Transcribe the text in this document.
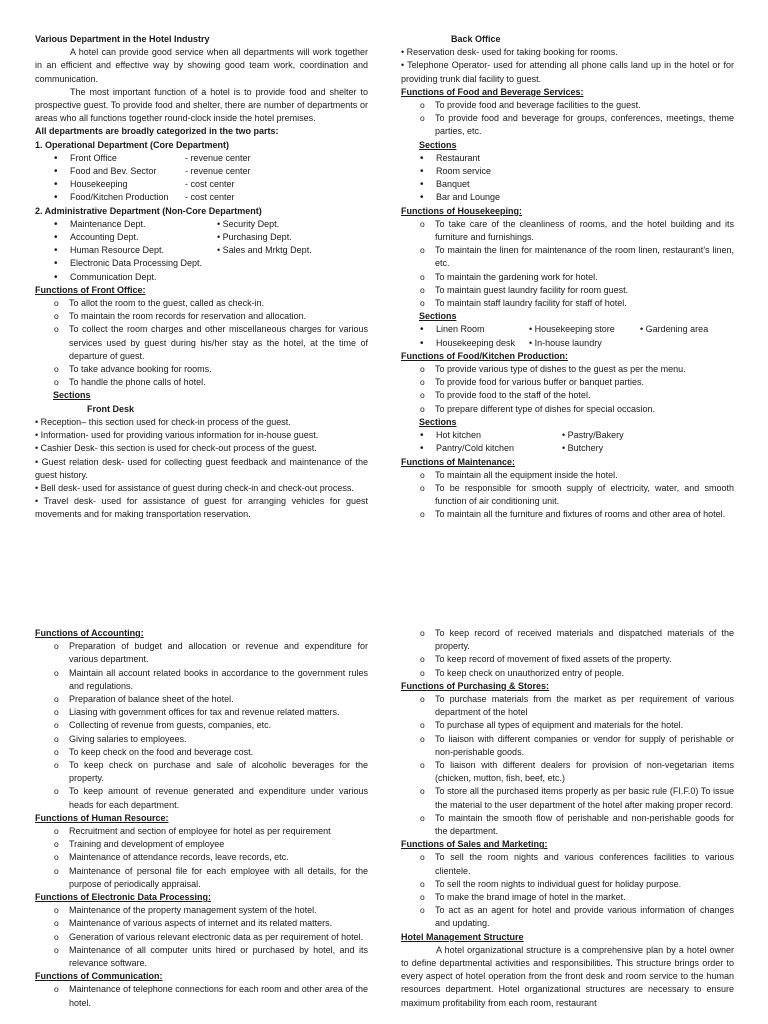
Various Department in the Hotel Industry

A hotel can provide good service when all departments will work together in an efficient and effective way by showing good team work, coordination and communication.

The most important function of a hotel is to provide food and shelter to prospective guest. To provide food and shelter, there are number of departments or areas who all functions together round-clock inside the hotel premises.

All departments are broadly categorized in the two parts:
1. Operational Department (Core Department)
• Front Office	- revenue center
• Food and Bev. Sector	- revenue center
• Housekeeping	- cost center
• Food/Kitchen Production	- cost center
2. Administrative Department (Non-Core Department)
• Maintenance Dept.	• Security Dept.
• Accounting Dept.	• Purchasing Dept.
• Human Resource Dept.	• Sales and Mrktg Dept.
• Electronic Data Processing Dept.
• Communication Dept.
Functions of Front Office:
o To allot the room to the guest, called as check-in.
o To maintain the room records for reservation and allocation.
o To collect the room charges and other miscellaneous charges for various services used by guest during his/her stay as the hotel, at the time of departure of guest.
o To take advance booking for rooms.
o To handle the phone calls of hotel.
Sections
Front Desk

• Reception– this section used for check-in process of the guest.

• Information- used for providing various information for in-house guest.

• Cashier Desk- this section is used for check-out process of the guest.

• Guest relation desk- used for collecting guest feedback and maintenance of the guest history.

• Bell desk- used for assistance of guest during check-in and check-out process.

• Travel desk- used for assistance of guest for arranging vehicles for guest movements and for making transportation reservation.

Back Office

• Reservation desk- used for taking booking for rooms.

• Telephone Operator- used for attending all phone calls land up in the hotel or for providing trunk dial facility to guest.

Functions of Food and Beverage Services:
o To provide food and beverage facilities to the guest.
o To provide food and beverage for groups, conferences, meetings, theme parties, etc.
Sections
• Restaurant
• Room service
• Banquet
• Bar and Lounge
Functions of Housekeeping:
o To take care of the cleanliness of rooms, and the hotel building and its furniture and furnishings.
o To maintain the linen for maintenance of the room linen, restaurant’s linen, etc.
o To maintain the gardening work for hotel.
o To maintain guest laundry facility for room guest.
o To maintain staff laundry facility for staff of hotel.
Sections
• Linen Room	• Housekeeping store	• Gardening area
• Housekeeping desk	• In-house laundry
Functions of Food/Kitchen Production:
o To provide various type of dishes to the guest as per the menu.
o To provide food for various buffer or banquet parties.
o To provide food to the staff of the hotel.
o To prepare different type of dishes for special occasion.
Sections
• Hot kitchen	• Pastry/Bakery
• Pantry/Cold kitchen	• Butchery
Functions of Maintenance:
o To maintain all the equipment inside the hotel.
o To be responsible for smooth supply of electricity, water, and smooth function of air conditioning unit.
o To maintain all the furniture and fixtures of rooms and other area of hotel.
Functions of Accounting:
o Preparation of budget and allocation or revenue and expenditure for various department.
o Maintain all account related books in accordance to the government rules and regulations.
o Preparation of balance sheet of the hotel.
o Liasing with government offices for tax and revenue related matters.
o Collecting of revenue from guests, companies, etc.
o Giving salaries to employees.
o To keep check on the food and beverage cost.
o To keep check on purchase and sale of alcoholic beverages for the property.
o To keep amount of revenue generated and expenditure under various heads for each department.
Functions of Human Resource:
o Recruitment and section of employee for hotel as per requirement
o Training and development of employee
o Maintenance of attendance records, leave records, etc.
o Maintenance of personal file for each employee with all details, for the purpose of periodically appraisal.
Functions of Electronic Data Processing:
o Maintenance of the property management system of the hotel.
o Maintenance of various aspects of internet and its related matters.
o Generation of various relevant electronic data as per requirement of hotel.
o Maintenance of all computer units hired or purchased by hotel, and its relevance software.
Functions of Communication:
o Maintenance of telephone connections for each room and other area of the hotel.
o To keep record of received materials and dispatched materials of the property.
o To keep record of movement of fixed assets of the property.
o To keep check on unauthorized entry of people.
Functions of Purchasing & Stores:
o To purchase materials from the market as per requirement of various department of the hotel
o To purchase all types of equipment and materials for the hotel.
o To liaison with different companies or vendor for supply of perishable or non-perishable goods.
o To liaison with different dealers for provision of non-vegetarian items (chicken, mutton, fish, beef, etc.)
o To store all the purchased items properly as per basic rule (FI.F.0) To issue the material to the user department of the hotel after making proper record.
o To maintain the smooth flow of perishable and non-perishable goods for the department.
Functions of Sales and Marketing:
o To sell the room nights and various conferences facilities to various clientele.
o To sell the room nights to individual guest for holiday purpose.
o To make the brand image of hotel in the market.
o To act as an agent for hotel and provide various information of changes and updating.
Hotel Management Structure

A hotel organizational structure is a comprehensive plan by a hotel owner to define departmental activities and responsibilities. This structure brings order to every aspect of hotel operation from the front desk and room service to the human resources department. Hotel organizational structures are necessary to ensure maximum profitability from each room, restaurant
